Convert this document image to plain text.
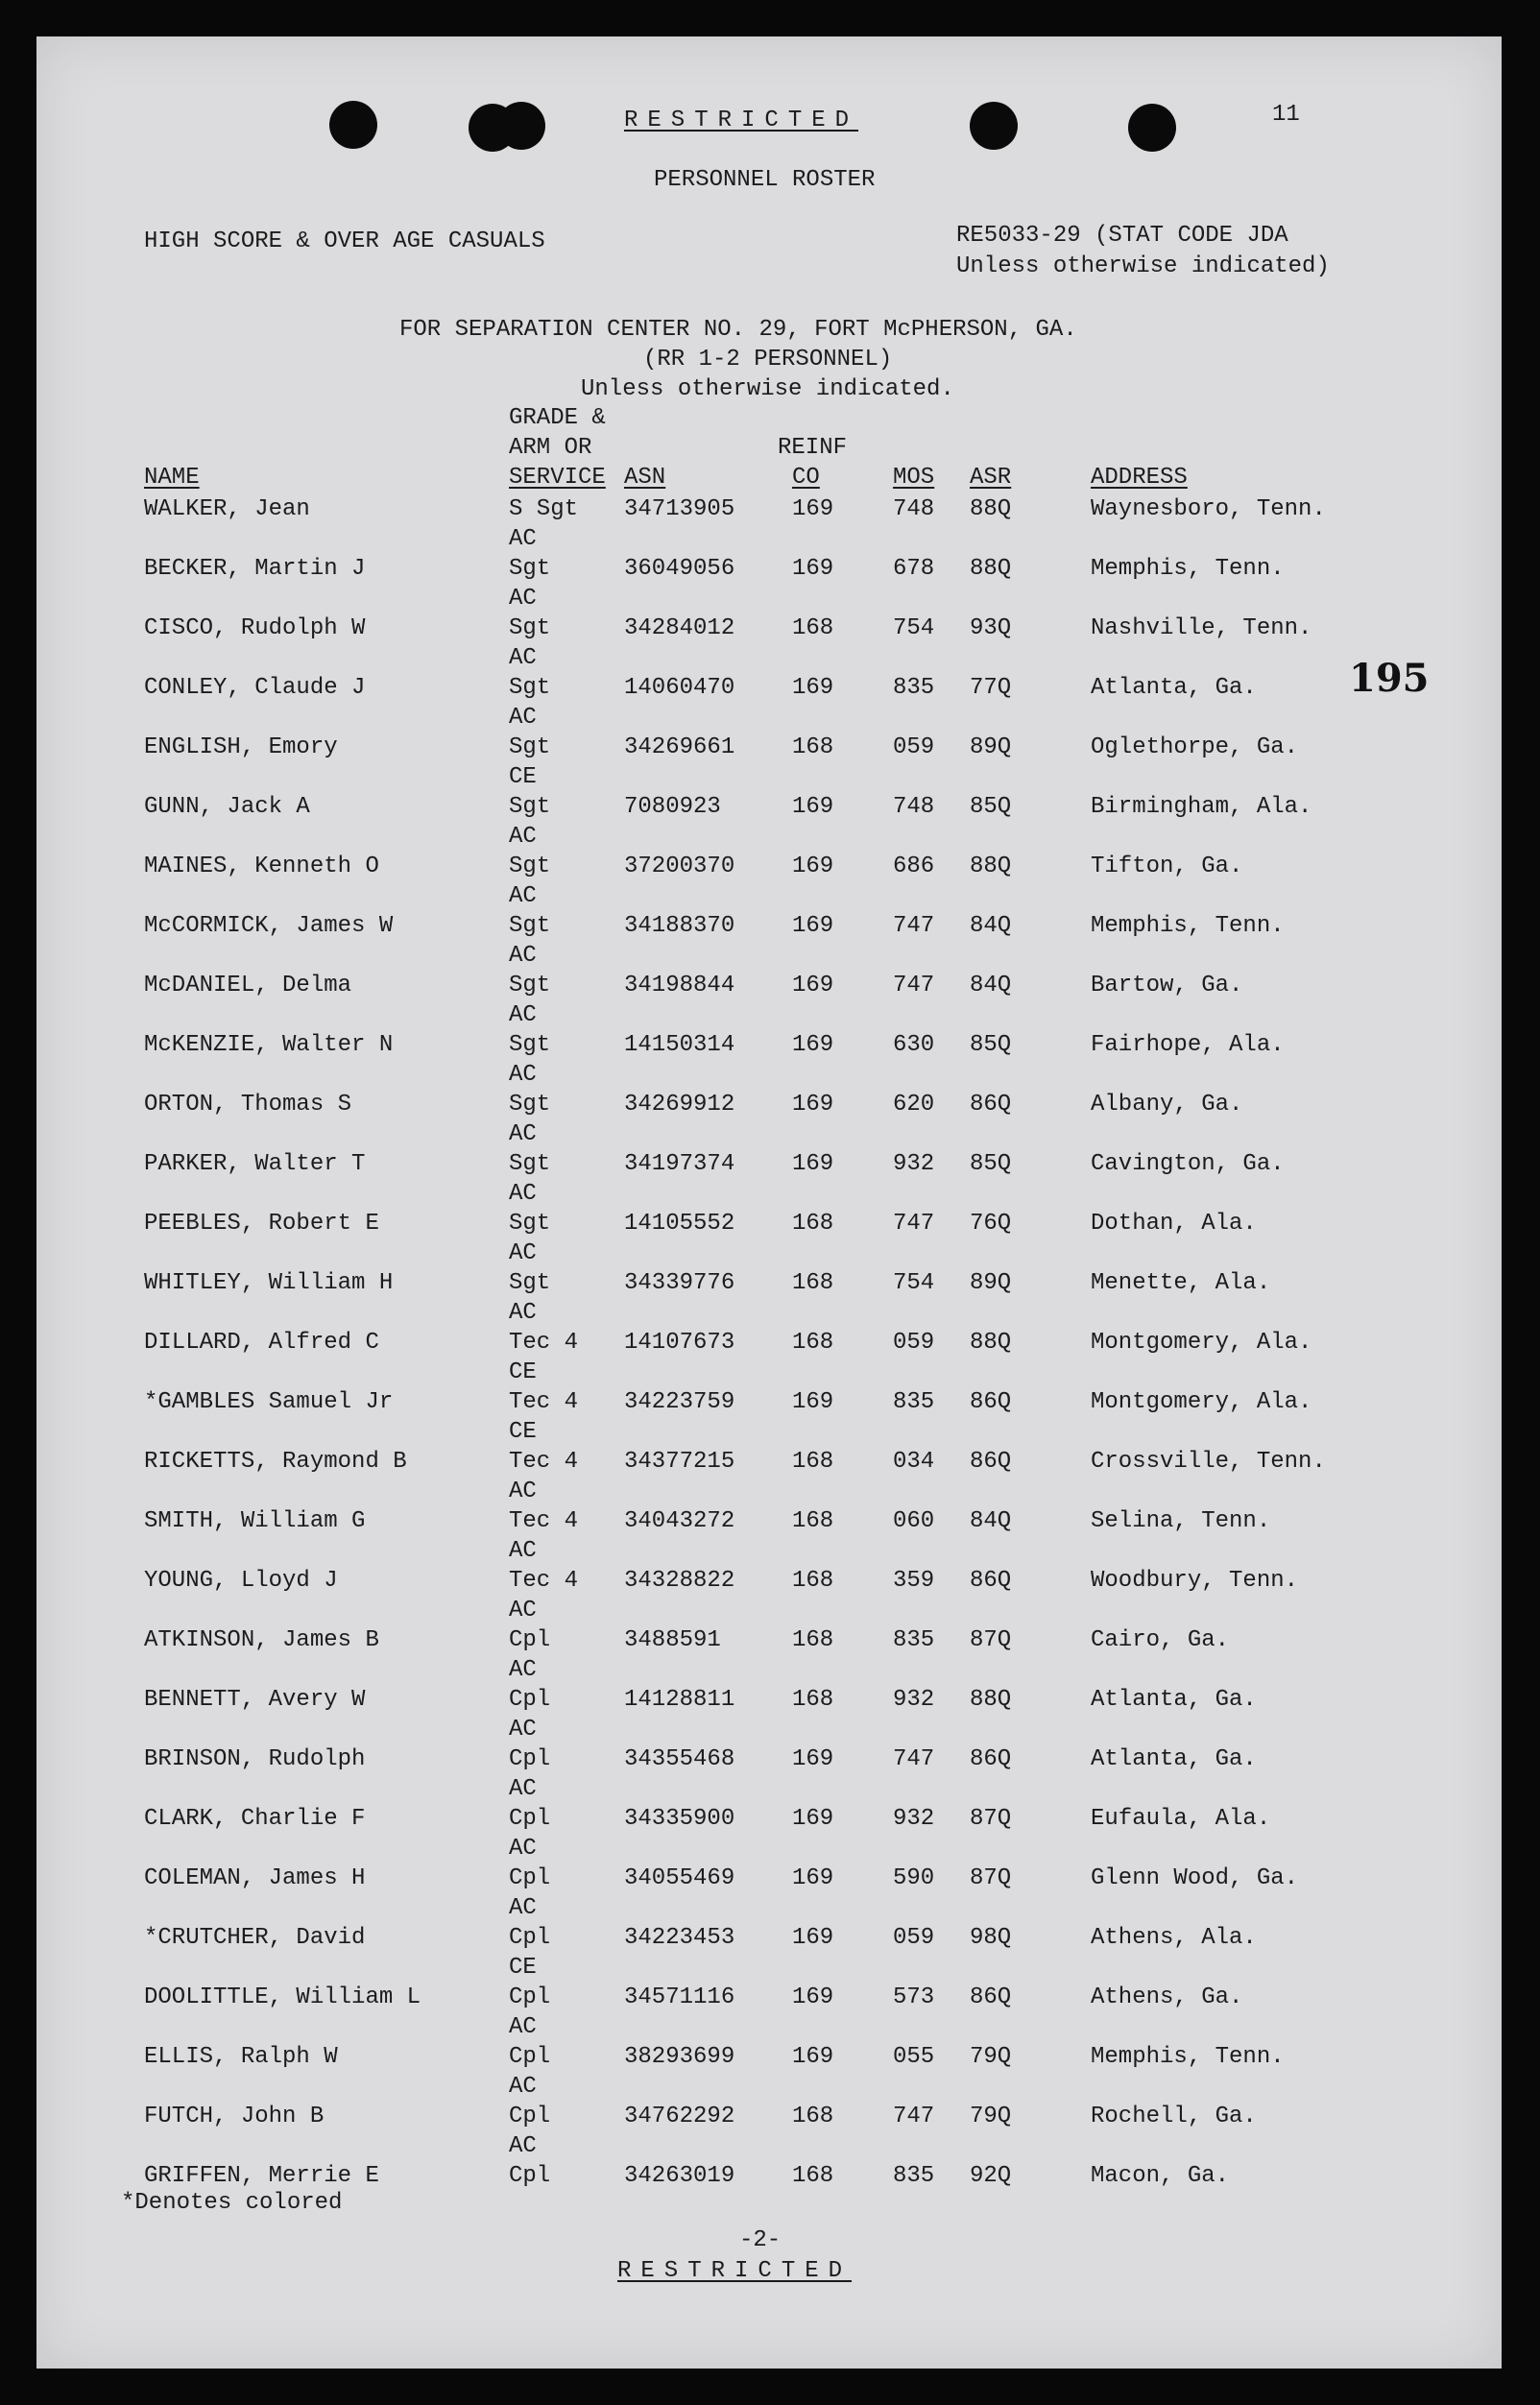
RESTRICTED	11
PERSONNEL ROSTER
HIGH SCORE & OVER AGE CASUALS	RE5033-29 (STAT CODE JDA
Unless otherwise indicated)
FOR SEPARATION CENTER NO. 29, FORT McPHERSON, GA.
(RR 1-2 PERSONNEL)
Unless otherwise indicated.
GRADE &
ARM OR	REINF
NAME	SERVICE ASN	CO	MOS ASR	ADDRESS
WALKER, Jean	S Sgt 34713905 169	748 88Q	Waynesboro, Tenn.
AC
BECKER, Martin J	Sgt	36049056 169	678 88Q	Memphis, Tenn.
AC
CISCO, Rudolph W	Sgt	34284012 168	754 93Q	Nashville, Tenn.
AC
CONLEY, Claude J	Sgt	14060470 169	835 77Q	Atlanta, Ga.
AC
ENGLISH, Emory	Sgt	34269661 168	059 89Q	Oglethorpe, Ga.
CE
GUNN, Jack A	Sgt	7080923	169	748 85Q	Birmingham, Ala.
AC
MAINES, Kenneth O	Sgt	37200370 169	686 88Q	Tifton, Ga.
AC
McCORMICK, James W	Sgt	34188370 169	747 84Q	Memphis, Tenn.
AC
McDANIEL, Delma	Sgt	34198844 169	747 84Q	Bartow, Ga.
AC
McKENZIE, Walter N	Sgt	14150314 169	630 85Q	Fairhope, Ala.
AC
ORTON, Thomas S	Sgt	34269912 169	620 86Q	Albany, Ga.
AC
PARKER, Walter T	Sgt	34197374 169	932 85Q	Cavington, Ga.
AC
PEEBLES, Robert E	Sgt	14105552 168	747 76Q	Dothan, Ala.
AC
WHITLEY, William H	Sgt	34339776 168	754 89Q	Menette, Ala.
AC
DILLARD, Alfred C	Tec 4 14107673 168	059 88Q	Montgomery, Ala.
CE
*GAMBLES Samuel Jr	Tec 4 34223759 169	835 86Q	Montgomery, Ala.
CE
RICKETTS, Raymond B	Tec 4 34377215 168	034 86Q	Crossville, Tenn.
AC
SMITH, William G	Tec 4 34043272 168	060 84Q	Selina, Tenn.
AC
YOUNG, Lloyd J	Tec 4 34328822 168	359 86Q	Woodbury, Tenn.
AC
ATKINSON, James B	Cpl	3488591	168	835 87Q	Cairo, Ga.
AC
BENNETT, Avery W	Cpl	14128811 168	932 88Q	Atlanta, Ga.
AC
BRINSON, Rudolph	Cpl	34355468 169	747 86Q	Atlanta, Ga.
AC
CLARK, Charlie F	Cpl	34335900 169	932 87Q	Eufaula, Ala.
AC
COLEMAN, James H	Cpl	34055469 169	590 87Q	Glenn Wood, Ga.
AC
*CRUTCHER, David	Cpl	34223453 169	059 98Q	Athens, Ala.
CE
DOOLITTLE, William L	Cpl	34571116 169	573 86Q	Athens, Ga.
AC
ELLIS, Ralph W	Cpl	38293699 169	055 79Q	Memphis, Tenn.
AC
FUTCH, John B	Cpl	34762292 168	747 79Q	Rochell, Ga.
AC
GRIFFEN, Merrie E	Cpl	34263019 168	835 92Q	Macon, Ga.
195
*Denotes colored
-2-
RESTRICTED
